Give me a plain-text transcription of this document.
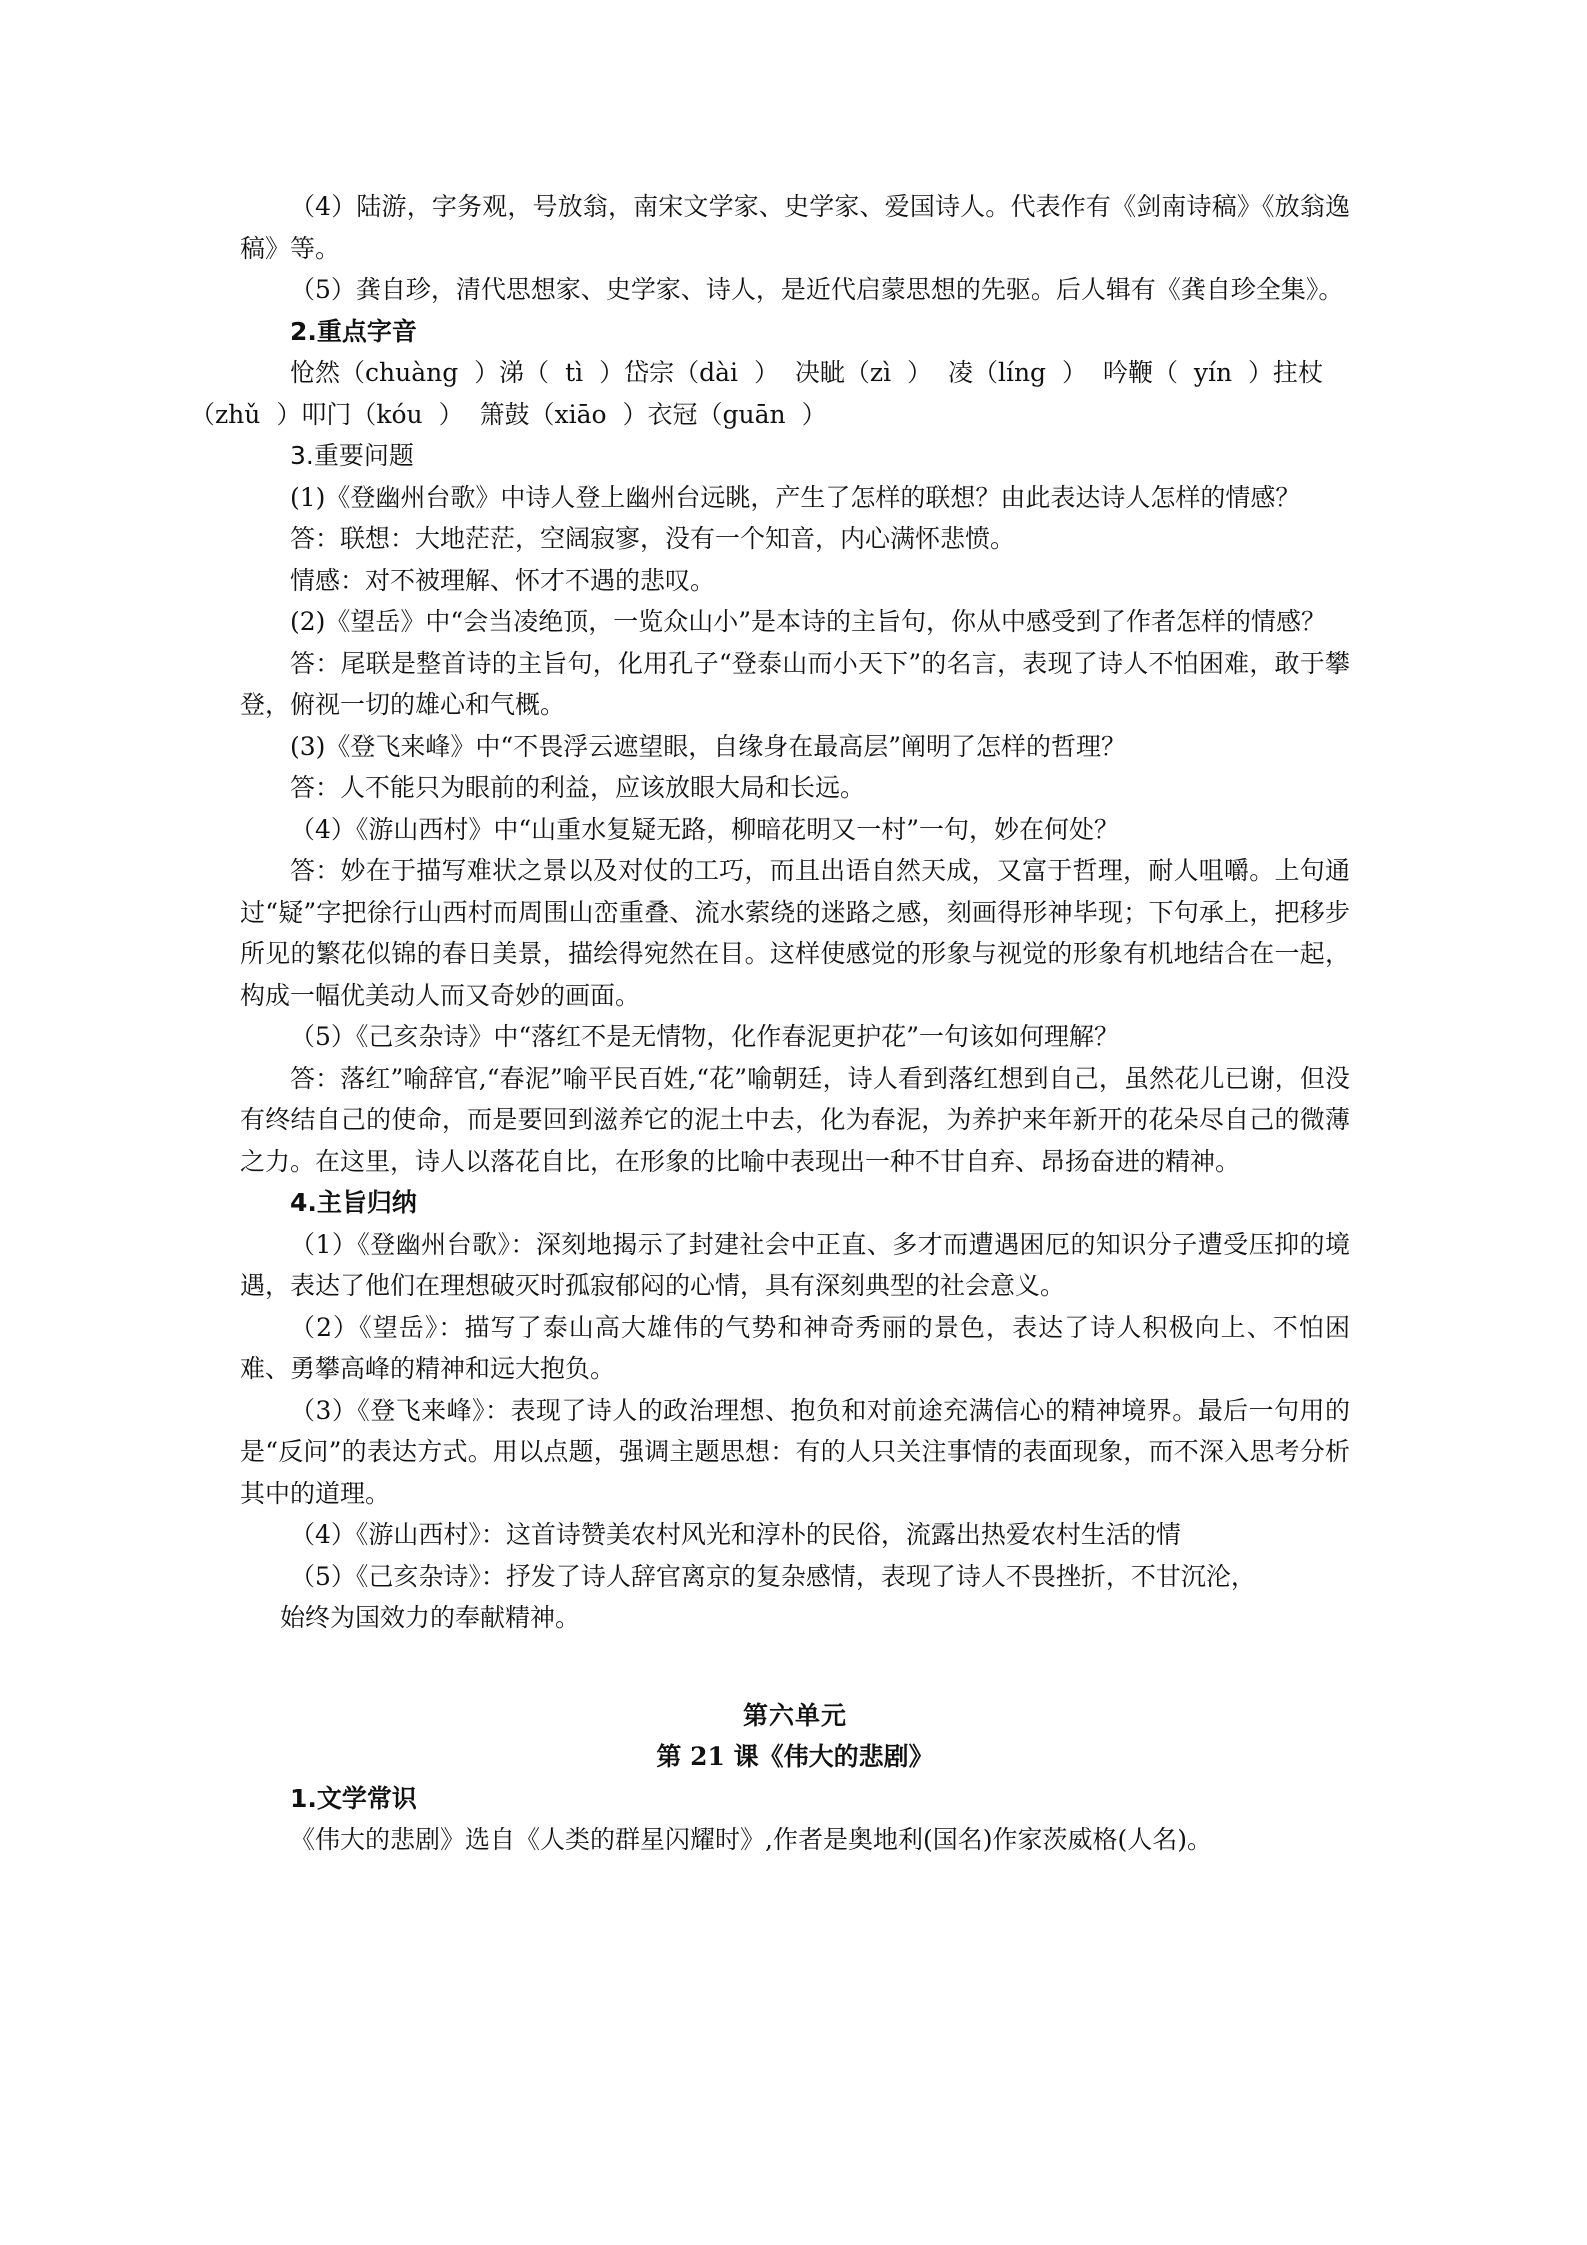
（4）陆游，字务观，号放翁，南宋文学家、史学家、爱国诗人。代表作有《剑南诗稿》《放翁逸稿》等。

（5）龚自珍，清代思想家、史学家、诗人，是近代启蒙思想的先驱。后人辑有《龚自珍全集》。

2.重点字音

怆然（chuàng ）涕（ tì ）岱宗（dài ） 决眦（zì ） 凌（líng ） 吟鞭（ yín ）拄杖
（zhǔ ）叩门（kóu ） 箫鼓（xiāo ）衣冠（guān ）

3.重要问题

(1)《登幽州台歌》中诗人登上幽州台远眺，产生了怎样的联想？由此表达诗人怎样的情感？

答：联想：大地茫茫，空阔寂寥，没有一个知音，内心满怀悲愤。

情感：对不被理解、怀才不遇的悲叹。

(2)《望岳》中“会当凌绝顶，一览众山小”是本诗的主旨句，你从中感受到了作者怎样的情感？

答：尾联是整首诗的主旨句，化用孔子“登泰山而小天下”的名言，表现了诗人不怕困难，敢于攀登，俯视一切的雄心和气概。

(3)《登飞来峰》中“不畏浮云遮望眼，自缘身在最高层”阐明了怎样的哲理？

答：人不能只为眼前的利益，应该放眼大局和长远。

（4）《游山西村》中“山重水复疑无路，柳暗花明又一村”一句，妙在何处？

答：妙在于描写难状之景以及对仗的工巧，而且出语自然天成，又富于哲理，耐人咀嚼。上句通过“疑”字把徐行山西村而周围山峦重叠、流水萦绕的迷路之感，刻画得形神毕现；下句承上，把移步所见的繁花似锦的春日美景，描绘得宛然在目。这样使感觉的形象与视觉的形象有机地结合在一起，构成一幅优美动人而又奇妙的画面。

（5）《己亥杂诗》中“落红不是无情物，化作春泥更护花”一句该如何理解？

答：落红”喻辞官,“春泥”喻平民百姓,“花”喻朝廷，诗人看到落红想到自己，虽然花儿已谢，但没有终结自己的使命，而是要回到滋养它的泥土中去，化为春泥，为养护来年新开的花朵尽自己的微薄之力。在这里，诗人以落花自比，在形象的比喻中表现出一种不甘自弃、昂扬奋进的精神。

4.主旨归纳

（1）《登幽州台歌》：深刻地揭示了封建社会中正直、多才而遭遇困厄的知识分子遭受压抑的境遇，表达了他们在理想破灭时孤寂郁闷的心情，具有深刻典型的社会意义。

（2）《望岳》：描写了泰山高大雄伟的气势和神奇秀丽的景色，表达了诗人积极向上、不怕困难、勇攀高峰的精神和远大抱负。

（3）《登飞来峰》：表现了诗人的政治理想、抱负和对前途充满信心的精神境界。最后一句用的是“反问”的表达方式。用以点题，强调主题思想：有的人只关注事情的表面现象，而不深入思考分析其中的道理。

（4）《游山西村》：这首诗赞美农村风光和淳朴的民俗，流露出热爱农村生活的情

（5）《己亥杂诗》：抒发了诗人辞官离京的复杂感情，表现了诗人不畏挫折，不甘沉沦，

始终为国效力的奉献精神。

第六单元

第 21 课《伟大的悲剧》

1.文学常识

《伟大的悲剧》选自《人类的群星闪耀时》,作者是奥地利(国名)作家茨威格(人名)。
